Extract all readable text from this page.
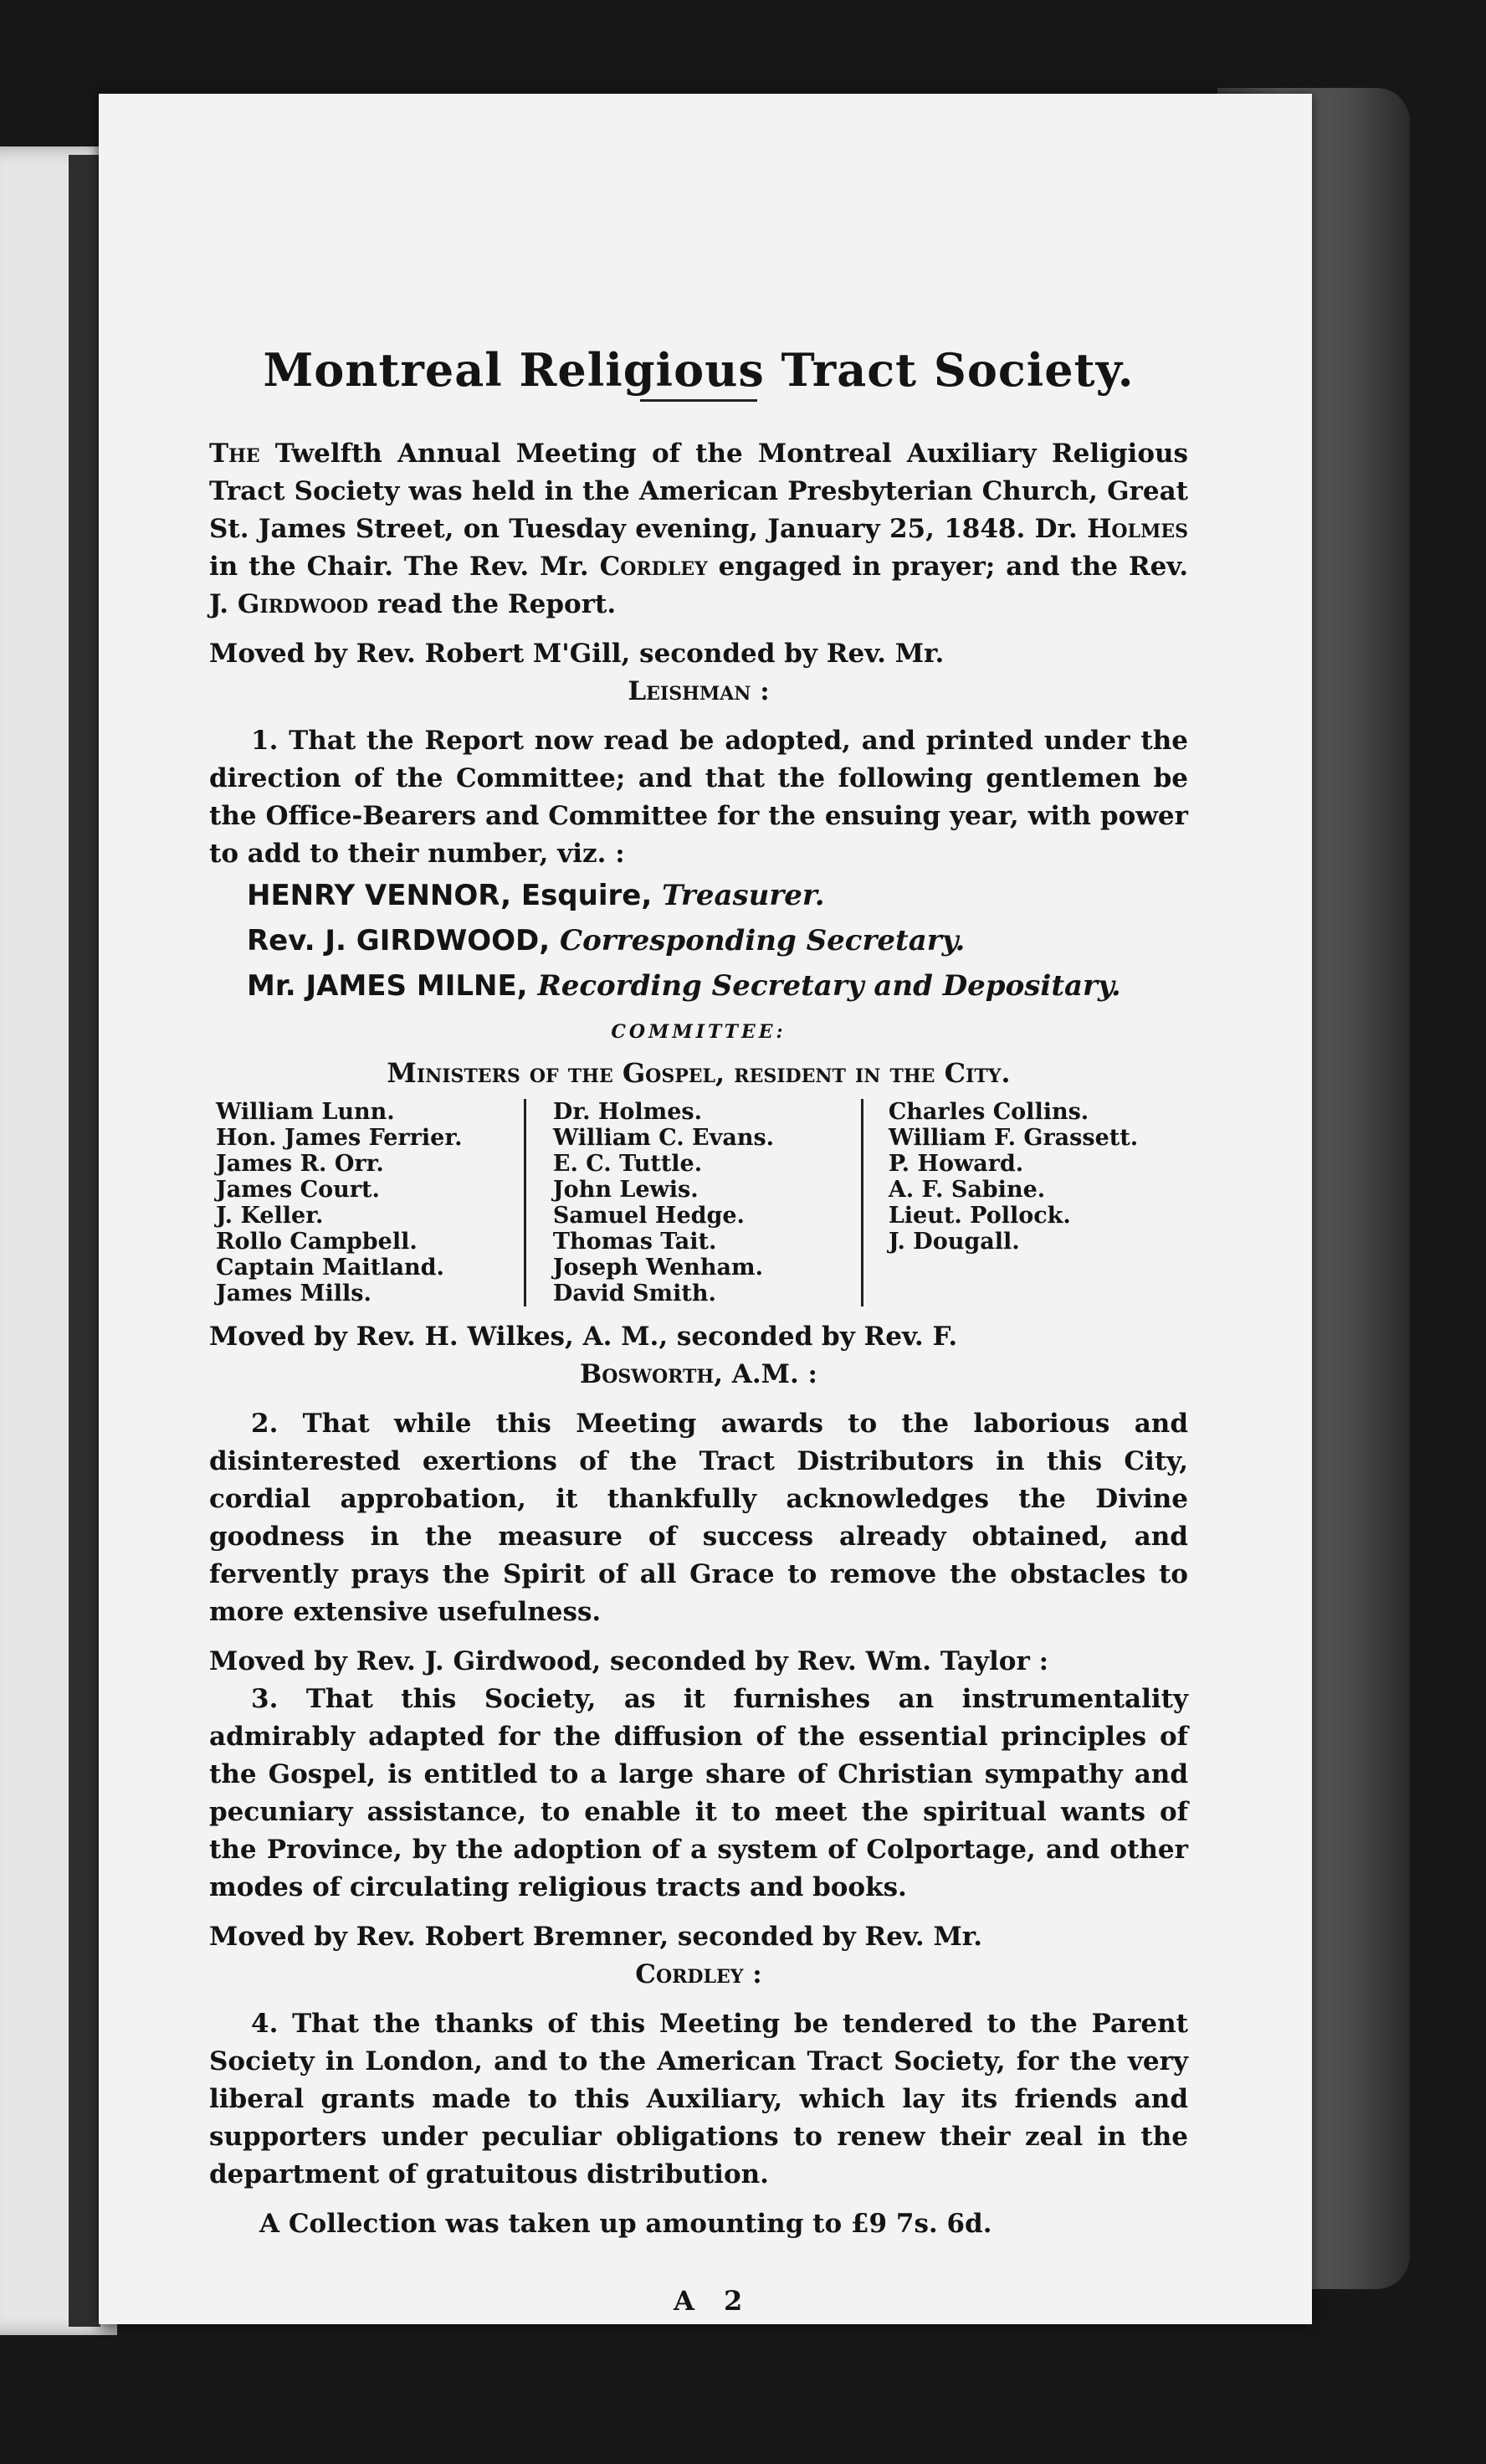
Montreal Religious Tract Society.

The Twelfth Annual Meeting of the Montreal Auxiliary Religious Tract Society was held in the American Presbyterian Church, Great St. James Street, on Tuesday evening, January 25, 1848. Dr. Holmes in the Chair. The Rev. Mr. Cordley engaged in prayer; and the Rev. J. Girdwood read the Report.

Moved by Rev. Robert M'Gill, seconded by Rev. Mr.

Leishman :

1. That the Report now read be adopted, and printed under the direction of the Committee; and that the following gentlemen be the Office-Bearers and Committee for the ensuing year, with power to add to their number, viz. :

HENRY VENNOR, Esquire, Treasurer.
Rev. J. GIRDWOOD, Corresponding Secretary.
Mr. JAMES MILNE, Recording Secretary and Depositary.
COMMITTEE:
Ministers of the Gospel, resident in the City.
William Lunn.
Hon. James Ferrier.
James R. Orr.
James Court.
J. Keller.
Rollo Campbell.
Captain Maitland.
James Mills.
Dr. Holmes.
William C. Evans.
E. C. Tuttle.
John Lewis.
Samuel Hedge.
Thomas Tait.
Joseph Wenham.
David Smith.
Charles Collins.
William F. Grassett.
P. Howard.
A. F. Sabine.
Lieut. Pollock.
J. Dougall.

Moved by Rev. H. Wilkes, A. M., seconded by Rev. F.

Bosworth, A.M. :

2. That while this Meeting awards to the laborious and disinterested exertions of the Tract Distributors in this City, cordial approbation, it thankfully acknowledges the Divine goodness in the measure of success already obtained, and fervently prays the Spirit of all Grace to remove the obstacles to more extensive usefulness.

Moved by Rev. J. Girdwood, seconded by Rev. Wm. Taylor :

3. That this Society, as it furnishes an instrumentality admirably adapted for the diffusion of the essential principles of the Gospel, is entitled to a large share of Christian sympathy and pecuniary assistance, to enable it to meet the spiritual wants of the Province, by the adoption of a system of Colportage, and other modes of circulating religious tracts and books.

Moved by Rev. Robert Bremner, seconded by Rev. Mr.

Cordley :

4. That the thanks of this Meeting be tendered to the Parent Society in London, and to the American Tract Society, for the very liberal grants made to this Auxiliary, which lay its friends and supporters under peculiar obligations to renew their zeal in the department of gratuitous distribution.

A Collection was taken up amounting to £9 7s. 6d.

A 2
